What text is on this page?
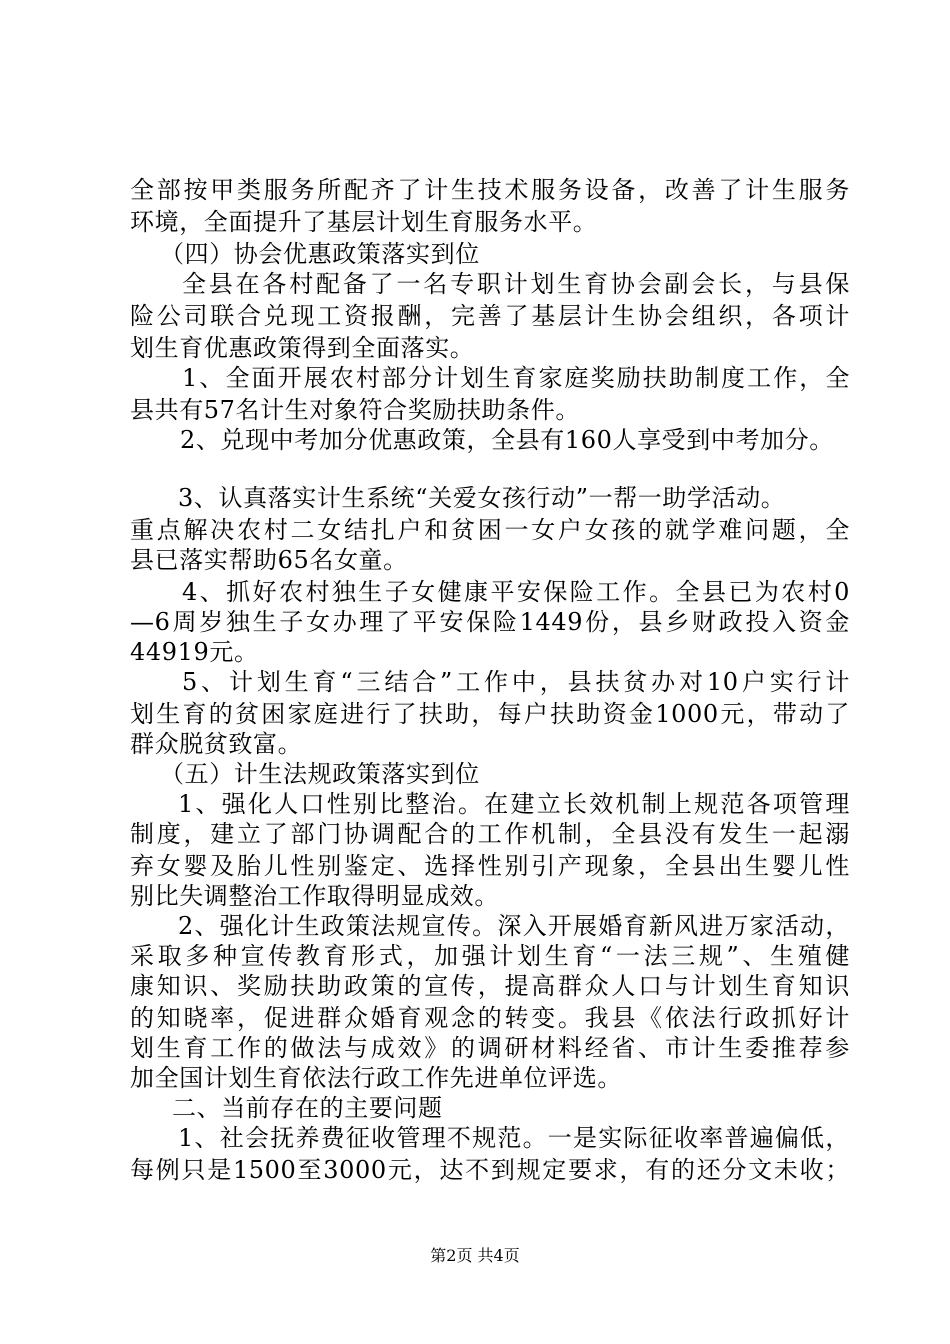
全部按甲类服务所配齐了计生技术服务设备，改善了计生服务
环境，全面提升了基层计划生育服务水平。
（四）协会优惠政策落实到位
全县在各村配备了一名专职计划生育协会副会长，与县保
险公司联合兑现工资报酬，完善了基层计生协会组织，各项计
划生育优惠政策得到全面落实。
1、全面开展农村部分计划生育家庭奖励扶助制度工作，全
县共有57名计生对象符合奖励扶助条件。
2、兑现中考加分优惠政策，全县有160人享受到中考加分。
3、认真落实计生系统“关爱女孩行动”一帮一助学活动。
重点解决农村二女结扎户和贫困一女户女孩的就学难问题，全
县已落实帮助65名女童。
4、抓好农村独生子女健康平安保险工作。全县已为农村0
—6周岁独生子女办理了平安保险1449份，县乡财政投入资金
44919元。
5、计划生育“三结合”工作中，县扶贫办对10户实行计
划生育的贫困家庭进行了扶助，每户扶助资金1000元，带动了
群众脱贫致富。
（五）计生法规政策落实到位
1、强化人口性别比整治。在建立长效机制上规范各项管理
制度，建立了部门协调配合的工作机制，全县没有发生一起溺
弃女婴及胎儿性别鉴定、选择性别引产现象，全县出生婴儿性
别比失调整治工作取得明显成效。
2、强化计生政策法规宣传。深入开展婚育新风进万家活动，
采取多种宣传教育形式，加强计划生育“一法三规”、生殖健
康知识、奖励扶助政策的宣传，提高群众人口与计划生育知识
的知晓率，促进群众婚育观念的转变。我县《依法行政抓好计
划生育工作的做法与成效》的调研材料经省、市计生委推荐参
加全国计划生育依法行政工作先进单位评选。
二、当前存在的主要问题
1、社会抚养费征收管理不规范。一是实际征收率普遍偏低，
每例只是1500至3000元，达不到规定要求，有的还分文未收；
第2页 共4页
